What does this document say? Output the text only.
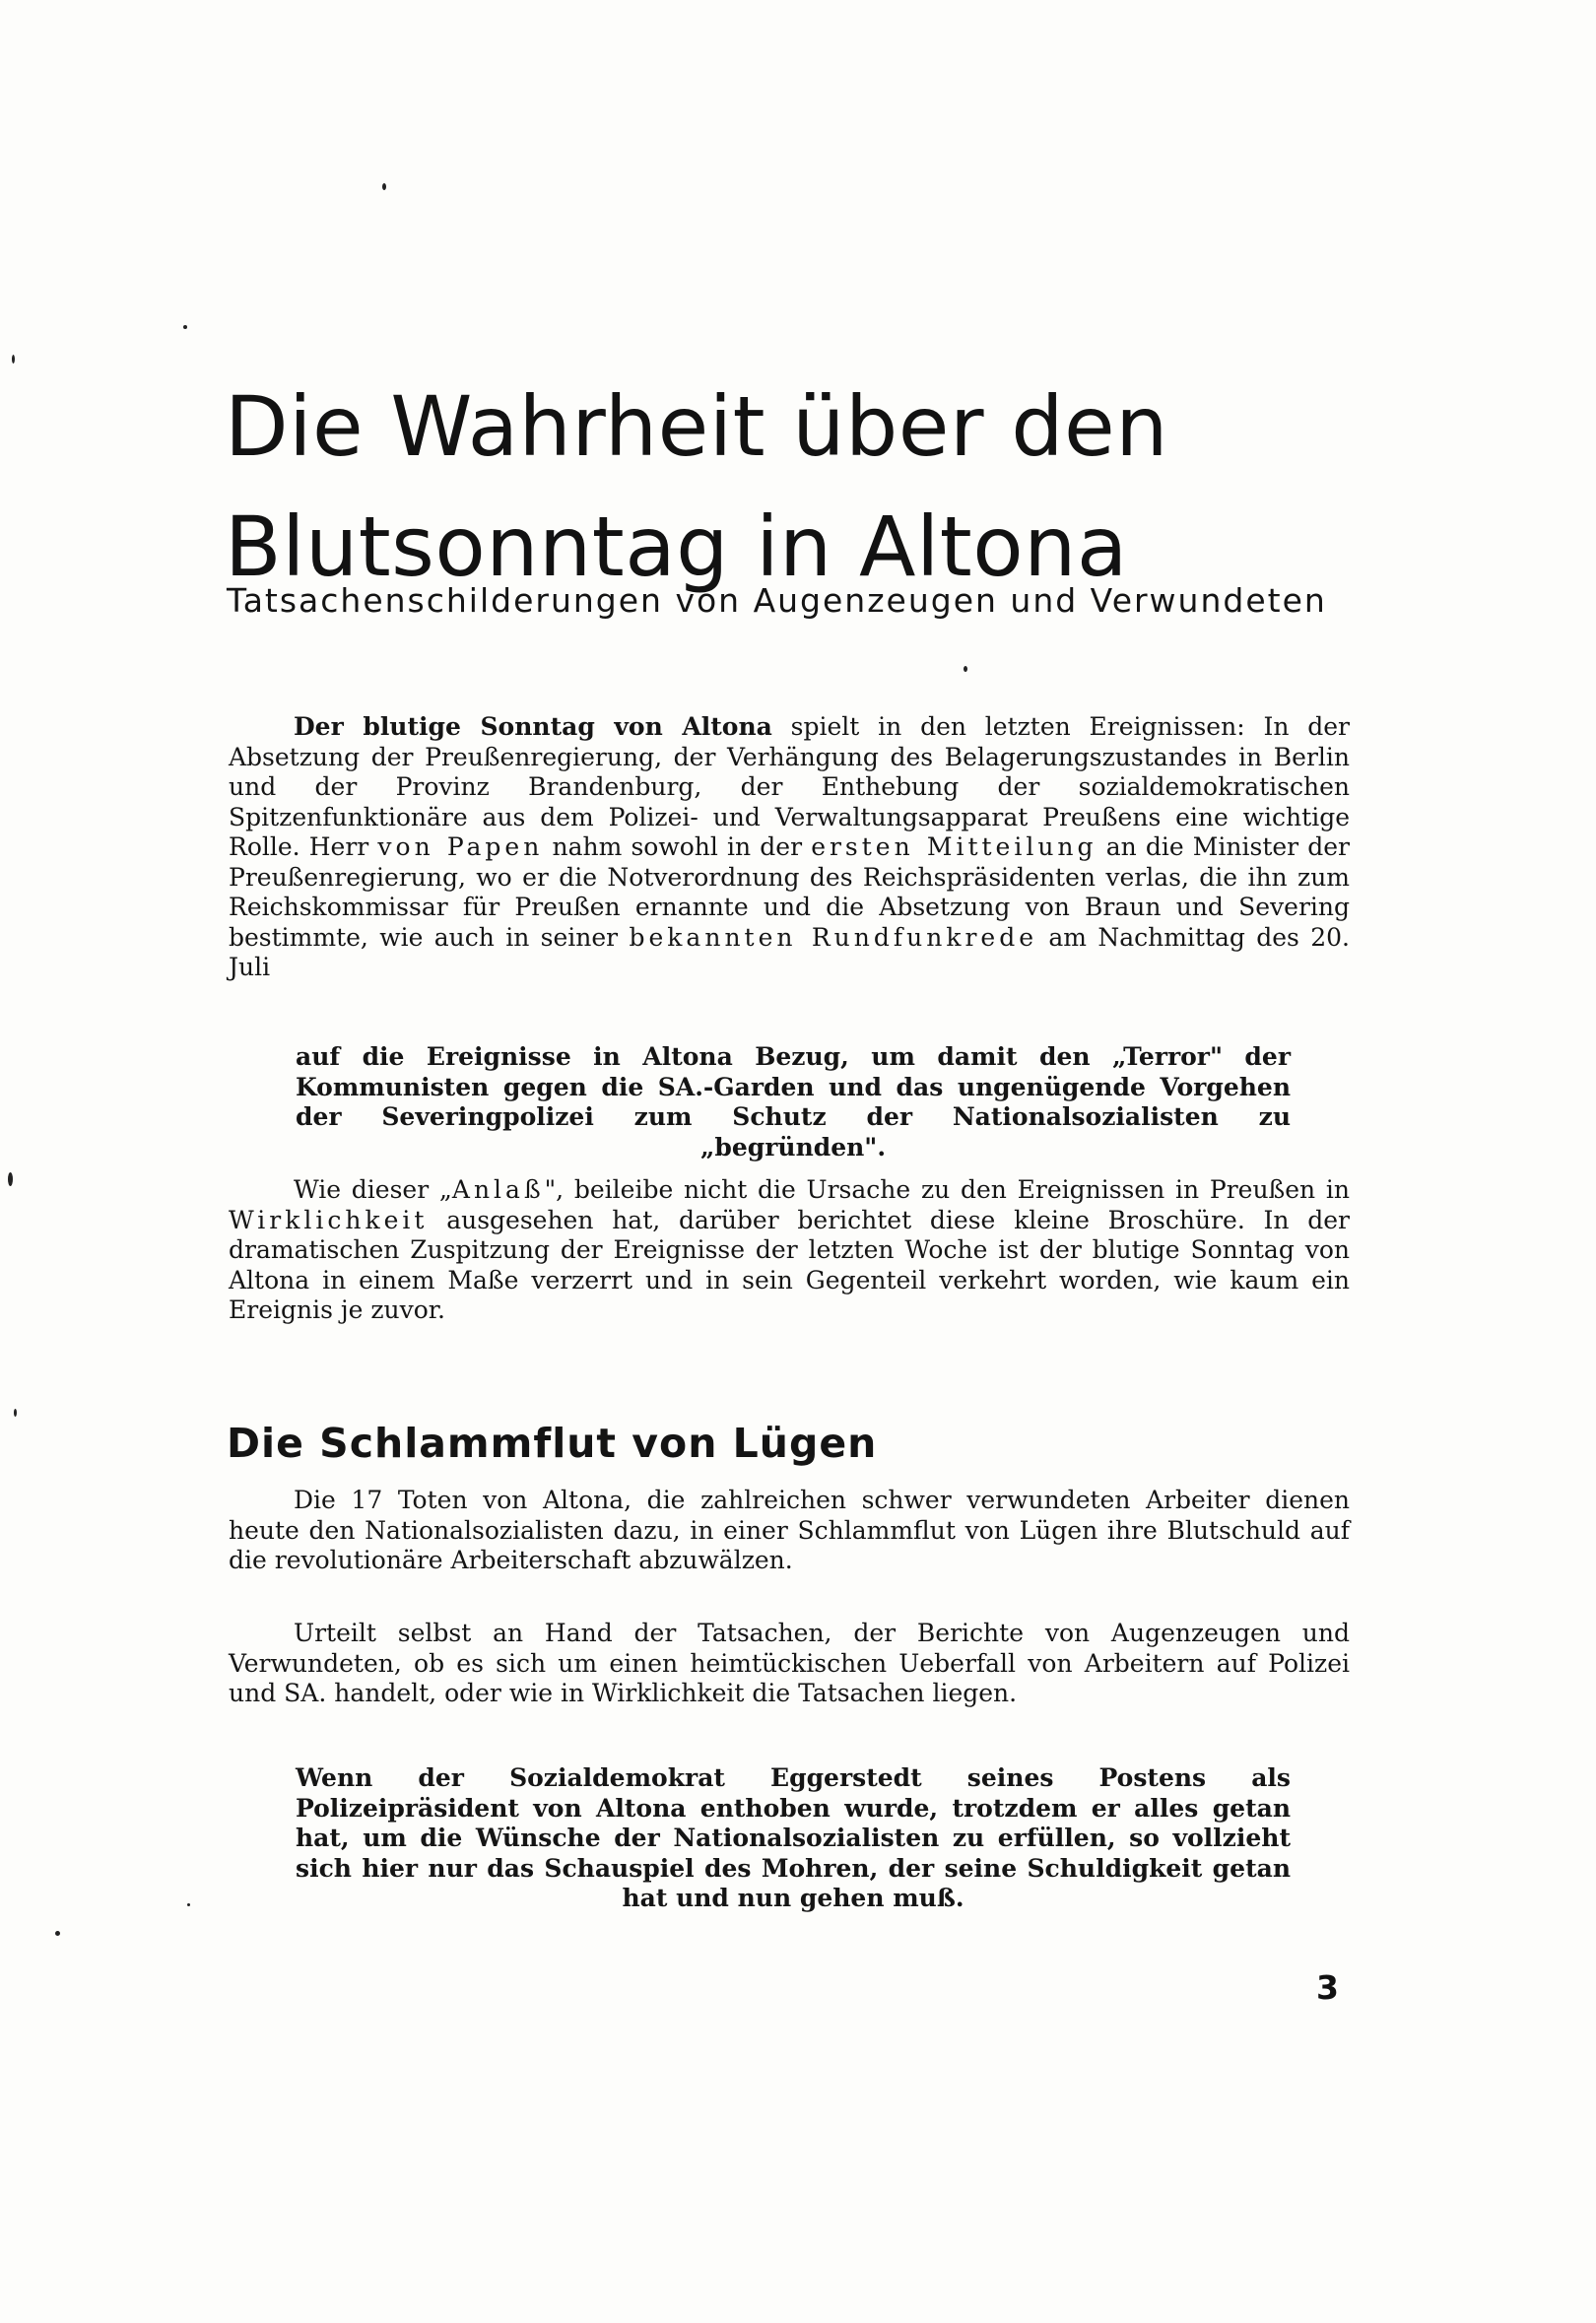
Die Wahrheit über den
Blutsonntag in Altona

Tatsachenschilderungen von Augenzeugen und Verwundeten

Der blutige Sonntag von Altona spielt in den letzten Ereignissen: In der Absetzung der Preußenregierung, der Verhängung des Belagerungszustandes in Berlin und der Provinz Brandenburg, der Enthebung der sozialdemokratischen Spitzenfunktionäre aus dem Polizei- und Verwaltungsapparat Preußens eine wichtige Rolle. Herr von Papen nahm sowohl in der ersten Mitteilung an die Minister der Preußenregierung, wo er die Notverordnung des Reichspräsidenten verlas, die ihn zum Reichskommissar für Preußen ernannte und die Absetzung von Braun und Severing bestimmte, wie auch in seiner bekannten Rundfunkrede am Nachmittag des 20. Juli

auf die Ereignisse in Altona Bezug, um damit den „Terror" der Kommunisten gegen die SA.-Garden und das ungenügende Vorgehen der Severingpolizei zum Schutz der Nationalsozialisten zu „begründen".

Wie dieser „Anlaß", beileibe nicht die Ursache zu den Ereignissen in Preußen in Wirklichkeit ausgesehen hat, darüber berichtet diese kleine Broschüre. In der dramatischen Zuspitzung der Ereignisse der letzten Woche ist der blutige Sonntag von Altona in einem Maße verzerrt und in sein Gegenteil verkehrt worden, wie kaum ein Ereignis je zuvor.

Die Schlammflut von Lügen

Die 17 Toten von Altona, die zahlreichen schwer verwundeten Arbeiter dienen heute den Nationalsozialisten dazu, in einer Schlammflut von Lügen ihre Blutschuld auf die revolutionäre Arbeiterschaft abzuwälzen.

Urteilt selbst an Hand der Tatsachen, der Berichte von Augenzeugen und Verwundeten, ob es sich um einen heimtückischen Ueberfall von Arbeitern auf Polizei und SA. handelt, oder wie in Wirklichkeit die Tatsachen liegen.

Wenn der Sozialdemokrat Eggerstedt seines Postens als Polizeipräsident von Altona enthoben wurde, trotzdem er alles getan hat, um die Wünsche der Nationalsozialisten zu erfüllen, so vollzieht sich hier nur das Schauspiel des Mohren, der seine Schuldigkeit getan hat und nun gehen muß.

3
